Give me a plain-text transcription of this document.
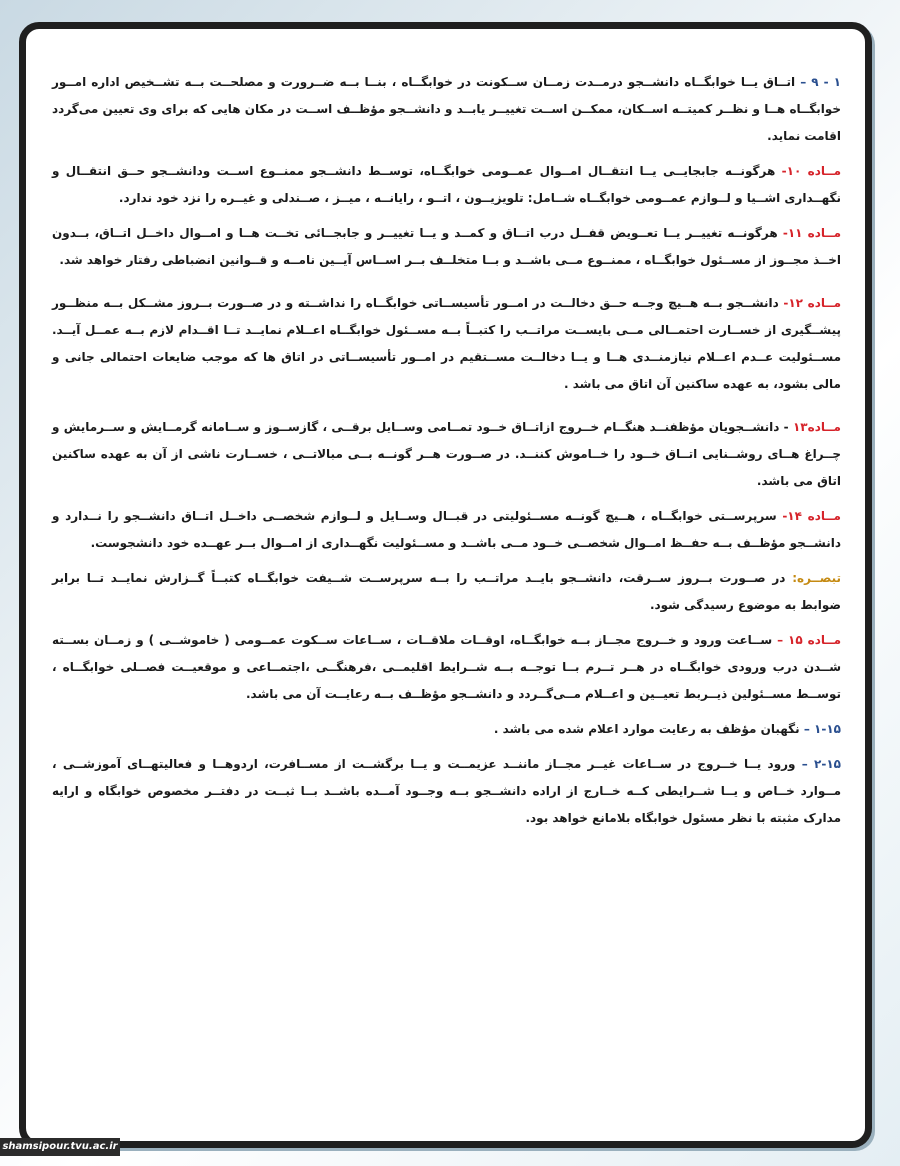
۱ - ۹ – اتــاق یــا خوابگــاه دانشــجو درمــدت زمــان ســکونت در خوابگــاه ، بنــا بــه ضــرورت و مصلحــت بــه تشــخیص اداره امــور خوابگــاه هــا و نظــر کمیتــه اســکان، ممکــن اســت تغییــر یابــد و دانشــجو مؤظــف اســت در مکان هایی که برای وی تعیین می‌گردد اقامت نماید.

مــاده ۱۰- هرگونــه جابجایــی یــا انتقــال امــوال عمــومی خوابگــاه، توســط دانشــجو ممنــوع اســت ودانشــجو حــق انتقــال و نگهــداری اشــیا و لــوازم عمــومی خوابگــاه شــامل: تلویزیــون ، اتــو ، رایانــه ، میــز ، صــندلی و غیــره را نزد خود ندارد.

مــاده ۱۱- هرگونــه تغییــر یــا تعــویض قفــل درب اتــاق و کمــد و یــا تغییــر و جابجــائی تخــت هــا و امــوال داخــل اتــاق، بــدون اخــذ مجــوز از مســئول خوابگــاه ، ممنــوع مــی باشــد و بــا متخلــف بــر اســاس آیــین نامــه و قــوانین انضباطی رفتار خواهد شد.

مــاده ۱۲- دانشــجو بــه هــیچ وجــه حــق دخالــت در امــور تأسیســاتی خوابگــاه را نداشــته و در صــورت بــروز مشــکل بــه منظــور پیشــگیری از خســارت احتمــالی مــی بایســت مراتــب را کتبــاً بــه مســئول خوابگــاه اعــلام نمایــد تــا اقــدام لازم بــه عمــل آیــد. مســئولیت عــدم اعــلام نیازمنــدی هــا و یــا دخالــت مســتقیم در امــور تأسیســاتی در اتاق ها که موجب ضایعات احتمالی جانی و مالی بشود، به عهده ساکنین آن اتاق می باشد .

مــاده۱۳ - دانشــجویان مؤظفنــد هنگــام خــروج ازاتــاق خــود تمــامی وســایل برقــی ، گازســوز و ســامانه گرمــایش و ســرمایش و چــراغ هــای روشــنایی اتــاق خــود را خــاموش کننــد. در صــورت هــر گونــه بــی مبالاتــی ، خســارت ناشی از آن به عهده ساکنین اتاق می باشد.

مــاده ۱۴- سرپرســتی خوابگــاه ، هــیچ گونــه مســئولیتی در قبــال وســایل و لــوازم شخصــی داخــل اتــاق دانشــجو را نــدارد و دانشــجو مؤظــف بــه حفــظ امــوال شخصــی خــود مــی باشــد و مســئولیت نگهــداری از امــوال بــر عهــده خود دانشجوست.

تبصــره: در صــورت بــروز ســرقت، دانشــجو بایــد مراتــب را بــه سرپرســت شــیفت خوابگــاه کتبــاً گــزارش نمایــد تــا برابر ضوابط به موضوع رسیدگی شود.

مــاده ۱۵ – ســاعت ورود و خــروج مجــاز بــه خوابگــاه، اوقــات ملاقــات ، ســاعات ســکوت عمــومی ( خاموشــی ) و زمــان بســته شــدن درب ورودی خوابگــاه در هــر تــرم بــا توجــه بــه شــرایط اقلیمــی ،فرهنگــی ،اجتمــاعی و موقعیــت فصــلی خوابگــاه ، توســط مســئولین ذیــربط تعیــین و اعــلام مــی‌گــردد و دانشــجو مؤظــف بــه رعایــت آن می باشد.

۱-۱۵ – نگهبان مؤظف به رعایت موارد اعلام شده می باشد .

۲-۱۵ – ورود یــا خــروج در ســاعات غیــر مجــاز ماننــد عزیمــت و یــا برگشــت از مســافرت، اردوهــا و فعالیتهــای آموزشــی ، مــوارد خــاص و یــا شــرایطی کــه خــارج از اراده دانشــجو بــه وجــود آمــده باشــد بــا ثبــت در دفتــر مخصوص خوابگاه و ارایه مدارک مثبته با نظر مسئول خوابگاه بلامانع خواهد بود.

shamsipour.tvu.ac.ir
